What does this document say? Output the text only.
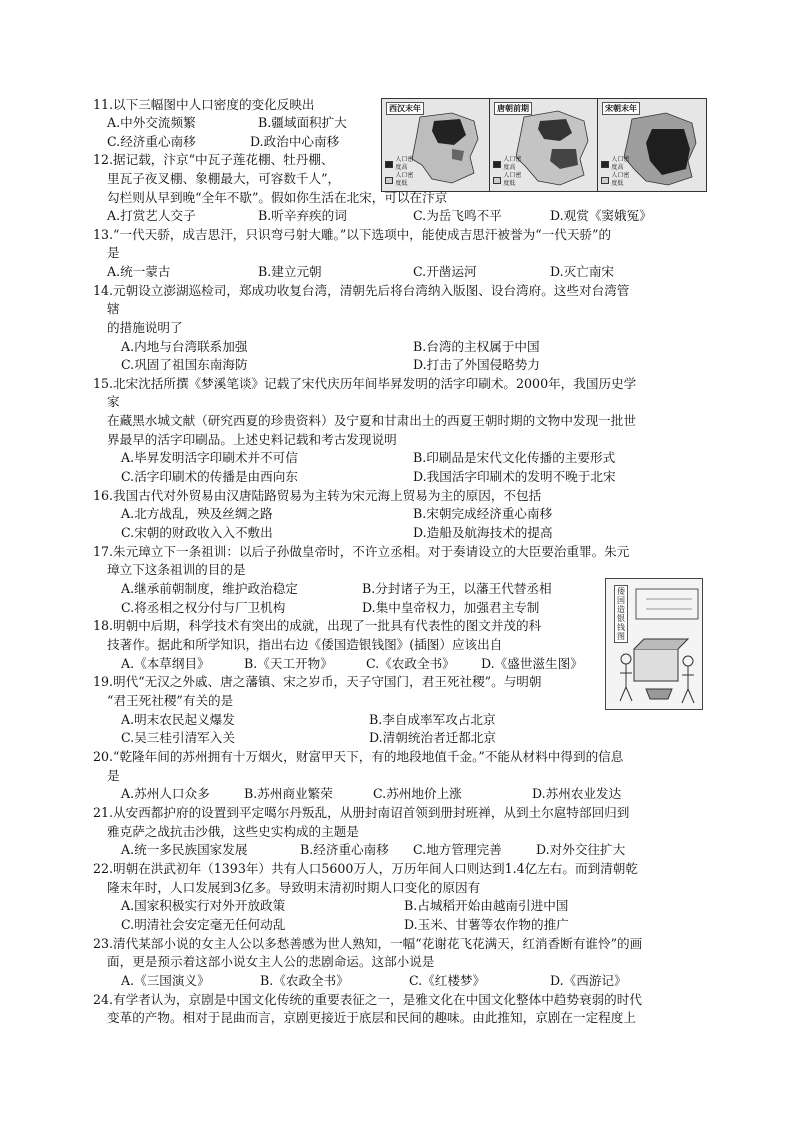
西汉末年
人口密度高
人口密度低
唐朝前期
人口密度高
人口密度低
宋朝末年
人口密度高
人口密度低
倭国造银钱图
11.以下三幅图中人口密度的变化反映出
A.中外交流频繁	B.疆域面积扩大
C.经济重心南移	D.政治中心南移
12.据记载，汴京“中瓦子莲花棚、牡丹棚、
里瓦子夜叉棚、象棚最大，可容数千人”，
勾栏则从早到晚“全年不歇”。假如你生活在北宋，可以在汴京
A.打赏艺人交子	B.听辛弃疾的词	C.为岳飞鸣不平	D.观赏《窦娥冤》
13.“一代天骄，成吉思汗，只识弯弓射大雕。”以下选项中，能使成吉思汗被誉为“一代天骄”的
是
A.统一蒙古	B.建立元朝	C.开凿运河	D.灭亡南宋
14.元朝设立澎湖巡检司，郑成功收复台湾，清朝先后将台湾纳入版图、设台湾府。这些对台湾管
辖
的措施说明了
A.内地与台湾联系加强	B.台湾的主权属于中国
C.巩固了祖国东南海防	D.打击了外国侵略势力
15.北宋沈括所撰《梦溪笔谈》记载了宋代庆历年间毕昇发明的活字印刷术。2000年，我国历史学
家
在藏黑水城文献（研究西夏的珍贵资料）及宁夏和甘肃出土的西夏王朝时期的文物中发现一批世
界最早的活字印刷品。上述史料记载和考古发现说明
A.毕昇发明活字印刷术并不可信	B.印刷品是宋代文化传播的主要形式
C.活字印刷术的传播是由西向东	D.我国活字印刷术的发明不晚于北宋
16.我国古代对外贸易由汉唐陆路贸易为主转为宋元海上贸易为主的原因，不包括
A.北方战乱，殃及丝绸之路	B.宋朝完成经济重心南移
C.宋朝的财政收入入不敷出	D.造船及航海技术的提高
17.朱元璋立下一条祖训：以后子孙做皇帝时，不许立丞相。对于奏请设立的大臣要治重罪。朱元
璋立下这条祖训的目的是
A.继承前朝制度，维护政治稳定	B.分封诸子为王，以藩王代替丞相
C.将丞相之权分付与厂卫机构	D.集中皇帝权力，加强君主专制
18.明朝中后期，科学技术有突出的成就，出现了一批具有代表性的图文并茂的科
技著作。据此和所学知识，指出右边《倭国造银钱图》(插图）应该出自
A.《本草纲目》	B.《天工开物》	C.《农政全书》 D.《盛世滋生图》
19.明代“无汉之外戚、唐之藩镇、宋之岁币，天子守国门，君王死社稷”。与明朝
“君王死社稷”有关的是
A.明末农民起义爆发	B.李自成率军攻占北京
C.吴三桂引清军入关	D.清朝统治者迁都北京
20.“乾隆年间的苏州拥有十万烟火，财富甲天下，有的地段地值千金。”不能从材料中得到的信息
是
A.苏州人口众多	B.苏州商业繁荣	C.苏州地价上涨	D.苏州农业发达
21.从安西都护府的设置到平定噶尔丹叛乱，从册封南诏首领到册封班禅，从到土尔扈特部回归到
雅克萨之战抗击沙俄，这些史实构成的主题是
A.统一多民族国家发展	B.经济重心南移 C.地方管理完善	D.对外交往扩大
22.明朝在洪武初年（1393年）共有人口5600万人，万历年间人口则达到1.4亿左右。而到清朝乾
隆末年时，人口发展到3亿多。导致明末清初时期人口变化的原因有
A.国家积极实行对外开放政策	B.占城稻开始由越南引进中国
C.明清社会安定毫无任何动乱	D.玉米、甘薯等农作物的推广
23.清代某部小说的女主人公以多愁善感为世人熟知，一幅“花谢花飞花满天，红消香断有谁怜”的画
面，更是预示着这部小说女主人公的悲剧命运。这部小说是
A.《三国演义》	B.《农政全书》	C.《红楼梦》	D.《西游记》
24.有学者认为，京剧是中国文化传统的重要表征之一，是雅文化在中国文化整体中趋势衰弱的时代
变革的产物。相对于昆曲而言，京剧更接近于底层和民间的趣味。由此推知，京剧在一定程度上
